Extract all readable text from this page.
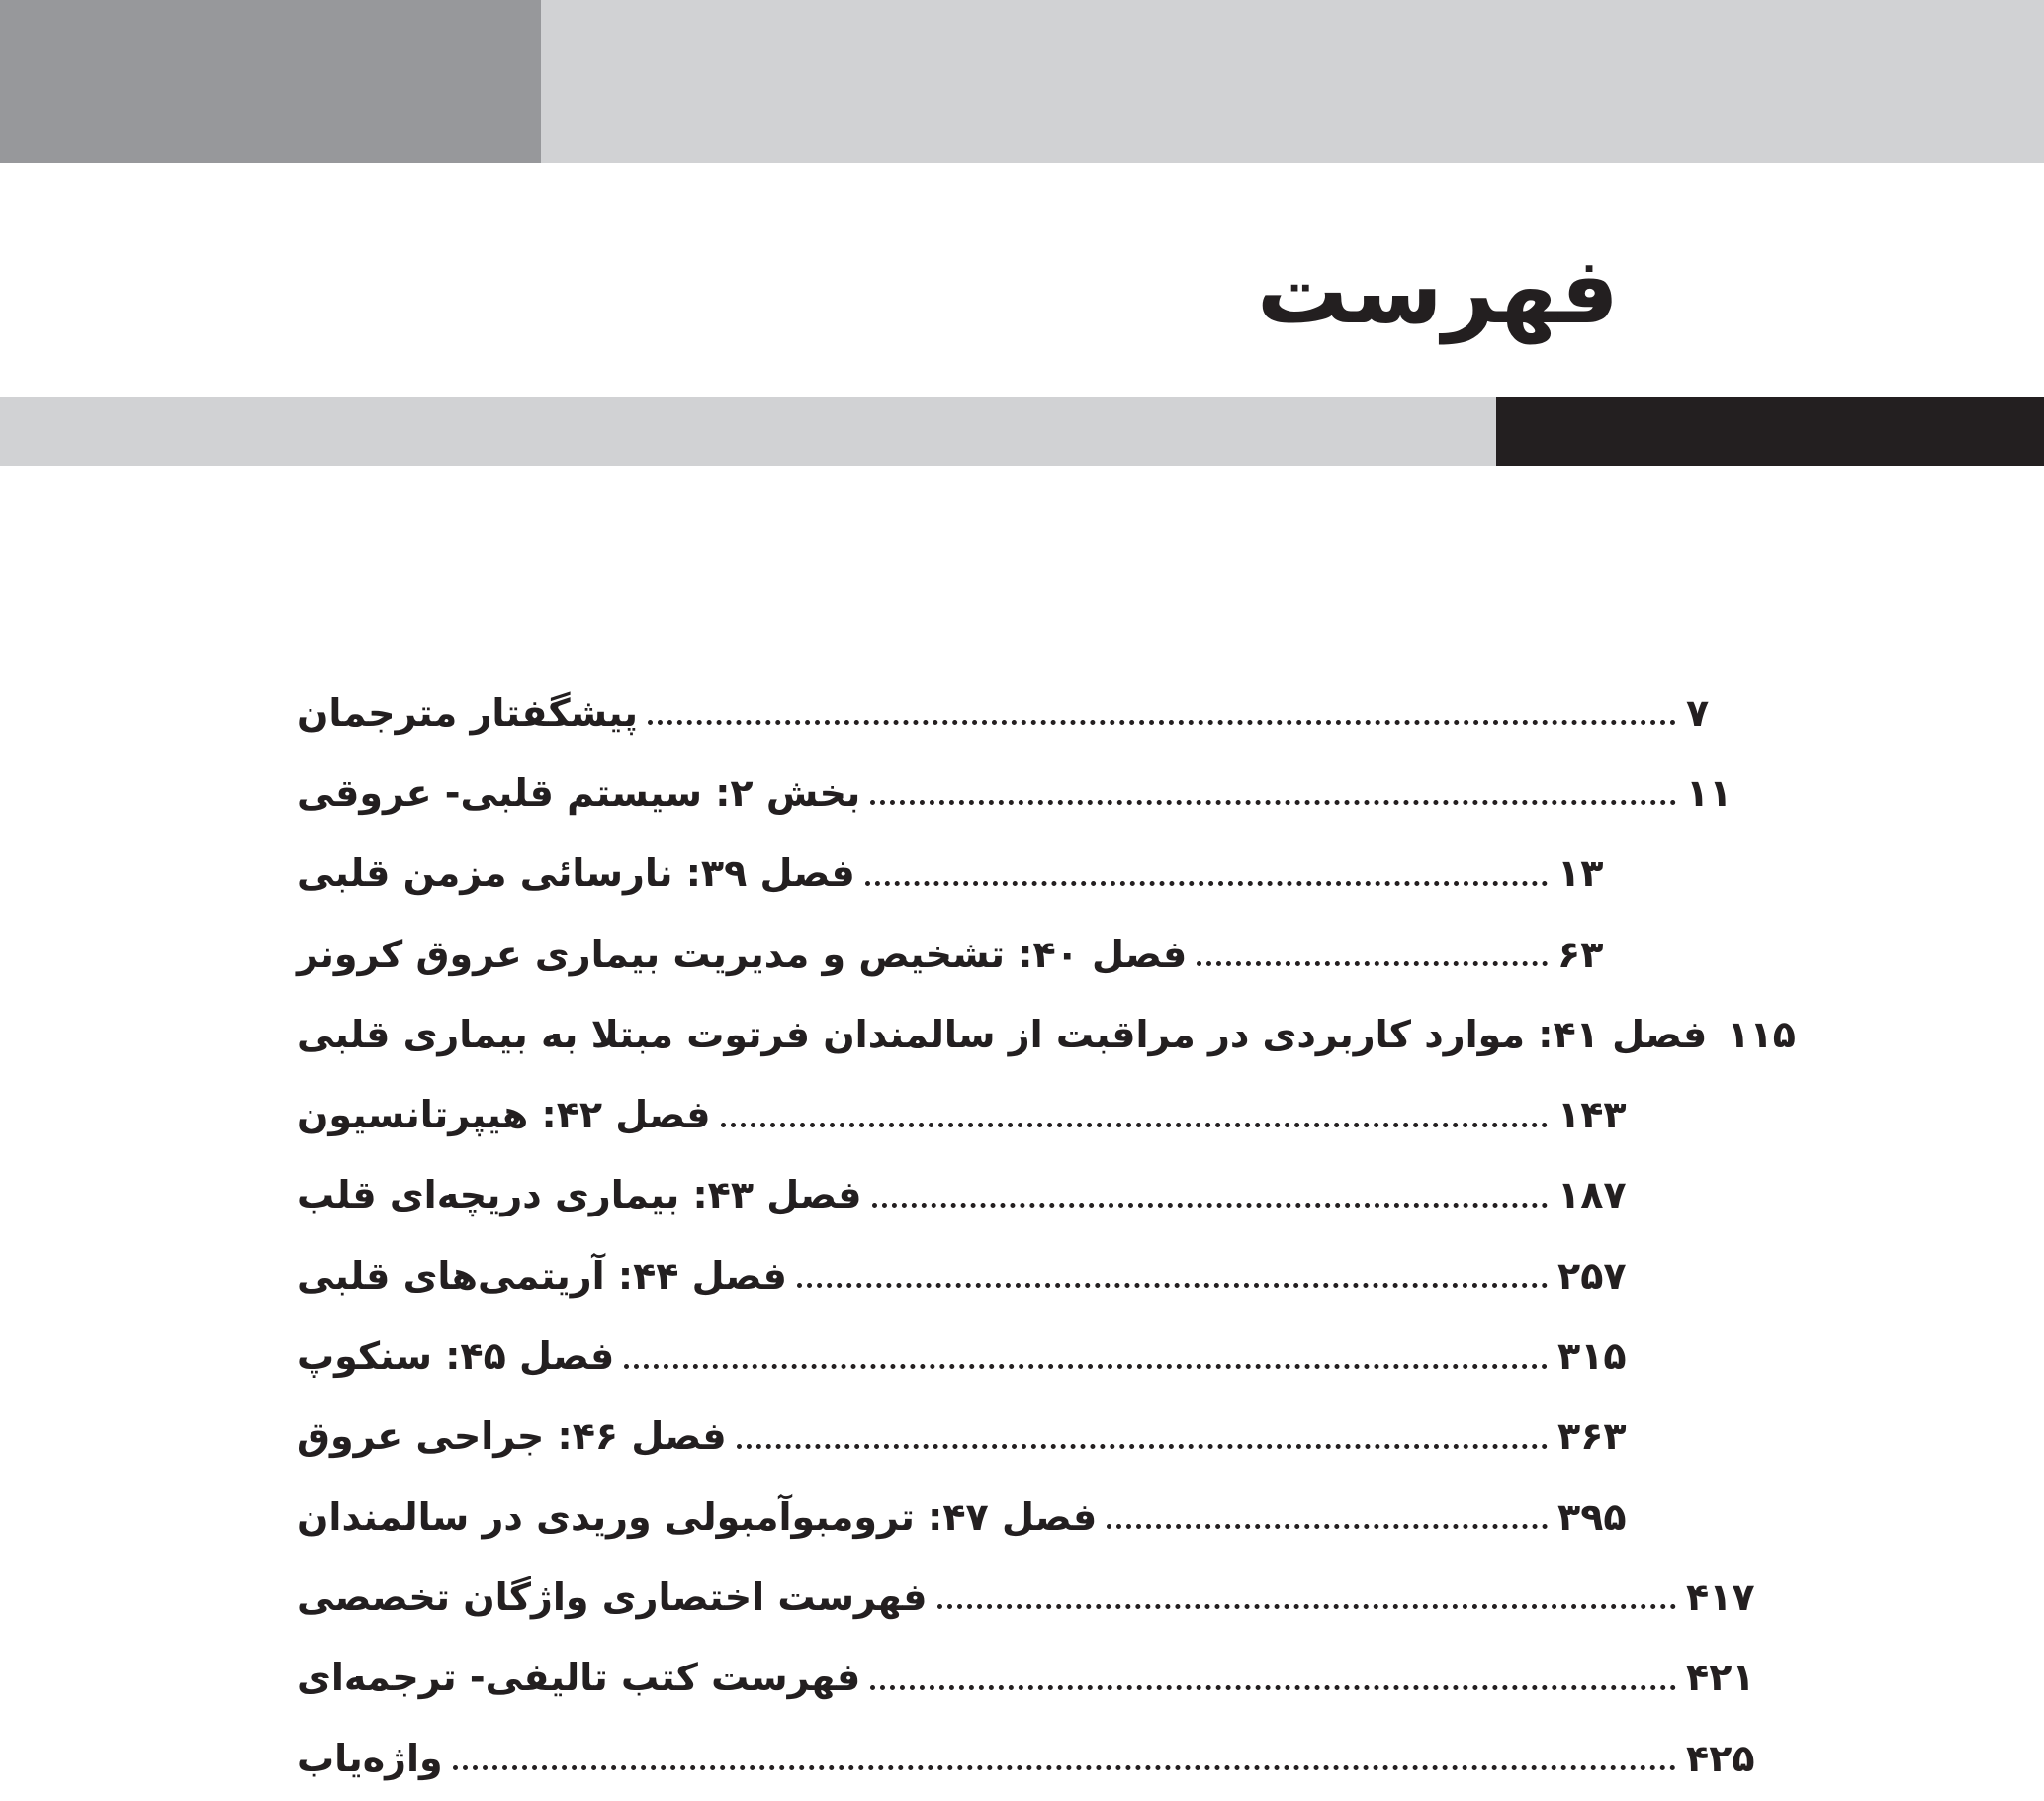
فهرست
پیشگفتار مترجمان	۷
بخش ۲: سیستم قلبی- عروقی	۱۱
فصل ۳۹: نارسائی مزمن قلبی	۱۳
فصل ۴۰: تشخیص و مدیریت بیماری عروق کرونر	۶۳
فصل ۴۱: موارد کاربردی در مراقبت از سالمندان فرتوت مبتلا به بیماری قلبی ۱۱۵
فصل ۴۲: هیپرتانسیون	۱۴۳
فصل ۴۳: بیماری دریچه‌ای قلب	۱۸۷
فصل ۴۴: آریتمی‌های قلبی	۲۵۷
فصل ۴۵: سنکوپ	۳۱۵
فصل ۴۶: جراحی عروق	۳۶۳
فصل ۴۷: ترومبوآمبولی وریدی در سالمندان	۳۹۵
فهرست اختصاری واژگان تخصصی	۴۱۷
فهرست کتب تالیفی- ترجمه‌ای	۴۲۱
واژه‌یاب	۴۲۵
